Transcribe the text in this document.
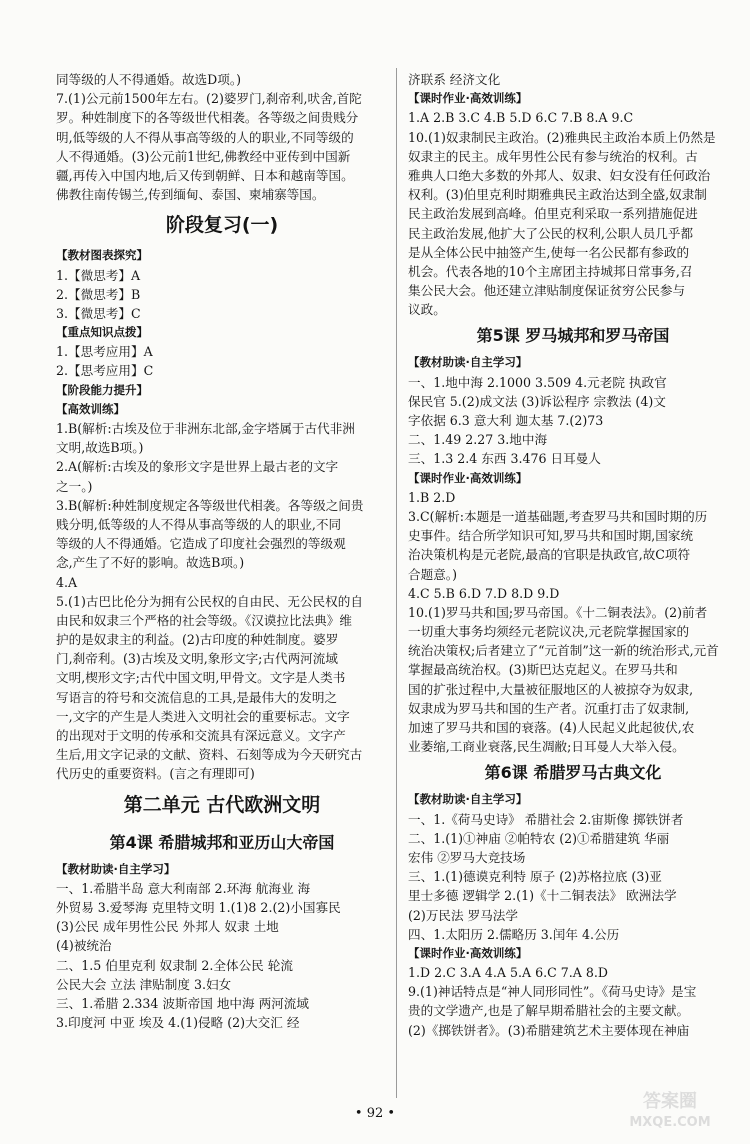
同等级的人不得通婚。故选D项。)
7.(1)公元前1500年左右。(2)婆罗门,刹帝利,吠舍,首陀
罗。种姓制度下的各等级世代相袭。各等级之间贵贱分
明,低等级的人不得从事高等级的人的职业,不同等级的
人不得通婚。(3)公元前1世纪,佛教经中亚传到中国新
疆,再传入中国内地,后又传到朝鲜、日本和越南等国。
佛教往南传锡兰,传到缅甸、泰国、柬埔寨等国。
阶段复习(一)
【教材图表探究】
1.【微思考】A
2.【微思考】B
3.【微思考】C
【重点知识点拨】
1.【思考应用】A
2.【思考应用】C
【阶段能力提升】
【高效训练】
1.B(解析:古埃及位于非洲东北部,金字塔属于古代非洲
文明,故选B项。)
2.A(解析:古埃及的象形文字是世界上最古老的文字
之一。)
3.B(解析:种姓制度规定各等级世代相袭。各等级之间贵
贱分明,低等级的人不得从事高等级的人的职业,不同
等级的人不得通婚。它造成了印度社会强烈的等级观
念,产生了不好的影响。故选B项。)
4.A
5.(1)古巴比伦分为拥有公民权的自由民、无公民权的自
由民和奴隶三个严格的社会等级。《汉谟拉比法典》维
护的是奴隶主的利益。(2)古印度的种姓制度。婆罗
门,刹帝利。(3)古埃及文明,象形文字;古代两河流域
文明,楔形文字;古代中国文明,甲骨文。文字是人类书
写语言的符号和交流信息的工具,是最伟大的发明之
一,文字的产生是人类进入文明社会的重要标志。文字
的出现对于文明的传承和交流具有深远意义。文字产
生后,用文字记录的文献、资料、石刻等成为今天研究古
代历史的重要资料。(言之有理即可)
第二单元 古代欧洲文明
第4课 希腊城邦和亚历山大帝国
【教材助读·自主学习】
一、1.希腊半岛 意大利南部 2.环海 航海业 海
外贸易 3.爱琴海 克里特文明 1.(1)8 2.(2)小国寡民
(3)公民 成年男性公民 外邦人 奴隶 土地
(4)被统治
二、1.5 伯里克利 奴隶制 2.全体公民 轮流
公民大会 立法 津贴制度 3.妇女
三、1.希腊 2.334 波斯帝国 地中海 两河流域
3.印度河 中亚 埃及 4.(1)侵略 (2)大交汇 经
济联系 经济文化
【课时作业·高效训练】
1.A 2.B 3.C 4.B 5.D 6.C 7.B 8.A 9.C
10.(1)奴隶制民主政治。(2)雅典民主政治本质上仍然是
奴隶主的民主。成年男性公民有参与统治的权利。古
雅典人口绝大多数的外邦人、奴隶、妇女没有任何政治
权利。(3)伯里克利时期雅典民主政治达到全盛,奴隶制
民主政治发展到高峰。伯里克利采取一系列措施促进
民主政治发展,他扩大了公民的权利,公职人员几乎都
是从全体公民中抽签产生,使每一名公民都有参政的
机会。代表各地的10个主席团主持城邦日常事务,召
集公民大会。他还建立津贴制度保证贫穷公民参与
议政。
第5课 罗马城邦和罗马帝国
【教材助读·自主学习】
一、1.地中海 2.1000 3.509 4.元老院 执政官
保民官 5.(2)成文法 (3)诉讼程序 宗教法 (4)文
字依据 6.3 意大利 迦太基 7.(2)73
二、1.49 2.27 3.地中海
三、1.3 2.4 东西 3.476 日耳曼人
【课时作业·高效训练】
1.B 2.D
3.C(解析:本题是一道基础题,考查罗马共和国时期的历
史事件。结合所学知识可知,罗马共和国时期,国家统
治决策机构是元老院,最高的官职是执政官,故C项符
合题意。)
4.C 5.B 6.D 7.D 8.D 9.D
10.(1)罗马共和国;罗马帝国。《十二铜表法》。(2)前者
一切重大事务均须经元老院议决,元老院掌握国家的
统治决策权;后者建立了“元首制”这一新的统治形式,元首
掌握最高统治权。(3)斯巴达克起义。在罗马共和
国的扩张过程中,大量被征服地区的人被掠夺为奴隶,
奴隶成为罗马共和国的生产者。沉重打击了奴隶制,
加速了罗马共和国的衰落。(4)人民起义此起彼伏,农
业萎缩,工商业衰落,民生凋敝;日耳曼人大举入侵。
第6课 希腊罗马古典文化
【教材助读·自主学习】
一、1.《荷马史诗》 希腊社会 2.宙斯像 掷铁饼者
二、1.(1)①神庙 ②帕特农 (2)①希腊建筑 华丽
宏伟 ②罗马大竞技场
三、1.(1)德谟克利特 原子 (2)苏格拉底 (3)亚
里士多德 逻辑学 2.(1)《十二铜表法》 欧洲法学
(2)万民法 罗马法学
四、1.太阳历 2.儒略历 3.闰年 4.公历
【课时作业·高效训练】
1.D 2.C 3.A 4.A 5.A 6.C 7.A 8.D
9.(1)神话特点是“神人同形同性”。《荷马史诗》是宝
贵的文学遗产,也是了解早期希腊社会的主要文献。
(2)《掷铁饼者》。(3)希腊建筑艺术主要体现在神庙
• 92 •
答案圈
MXQE.COM
